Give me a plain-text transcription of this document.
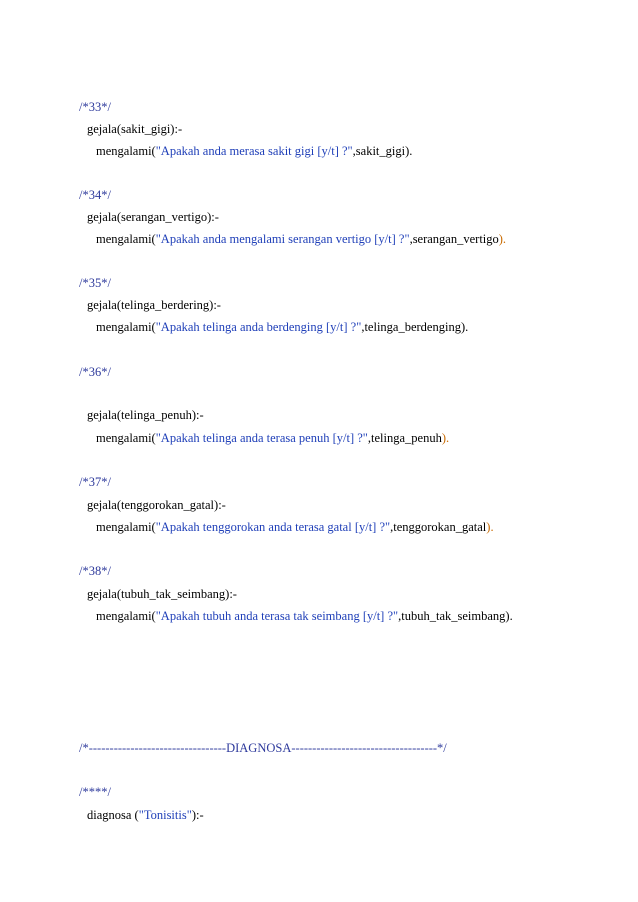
/*33*/
gejala(sakit_gigi):-
mengalami("Apakah anda merasa sakit gigi [y/t] ?",sakit_gigi).
/*34*/
gejala(serangan_vertigo):-
mengalami("Apakah anda mengalami serangan vertigo [y/t] ?",serangan_vertigo).
/*35*/
gejala(telinga_berdering):-
mengalami("Apakah telinga anda berdenging [y/t] ?",telinga_berdenging).
/*36*/
gejala(telinga_penuh):-
mengalami("Apakah telinga anda terasa penuh [y/t] ?",telinga_penuh).
/*37*/
gejala(tenggorokan_gatal):-
mengalami("Apakah tenggorokan anda terasa gatal [y/t] ?",tenggorokan_gatal).
/*38*/
gejala(tubuh_tak_seimbang):-
mengalami("Apakah tubuh anda terasa tak seimbang [y/t] ?",tubuh_tak_seimbang).
/*---------------------------------DIAGNOSA-----------------------------------*/
/****/
diagnosa ("Tonisitis"):-
